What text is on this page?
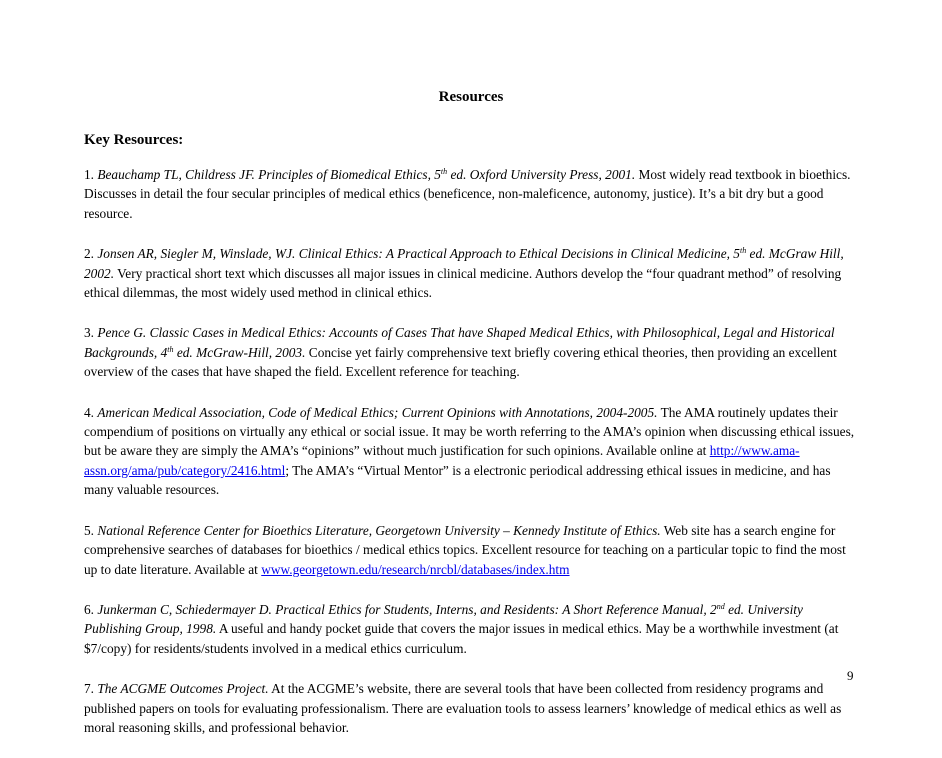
Resources
Key Resources:

1. Beauchamp TL, Childress JF. Principles of Biomedical Ethics, 5th ed. Oxford University Press, 2001. Most widely read textbook in bioethics. Discusses in detail the four secular principles of medical ethics (beneficence, non-maleficence, autonomy, justice). It’s a bit dry but a good resource.

2. Jonsen AR, Siegler M, Winslade, WJ. Clinical Ethics: A Practical Approach to Ethical Decisions in Clinical Medicine, 5th ed. McGraw Hill, 2002. Very practical short text which discusses all major issues in clinical medicine. Authors develop the “four quadrant method” of resolving ethical dilemmas, the most widely used method in clinical ethics.

3. Pence G. Classic Cases in Medical Ethics: Accounts of Cases That have Shaped Medical Ethics, with Philosophical, Legal and Historical Backgrounds, 4th ed. McGraw-Hill, 2003. Concise yet fairly comprehensive text briefly covering ethical theories, then providing an excellent overview of the cases that have shaped the field. Excellent reference for teaching.

4. American Medical Association, Code of Medical Ethics; Current Opinions with Annotations, 2004-2005. The AMA routinely updates their compendium of positions on virtually any ethical or social issue. It may be worth referring to the AMA’s opinion when discussing ethical issues, but be aware they are simply the AMA’s “opinions” without much justification for such opinions. Available online at http://www.ama-assn.org/ama/pub/category/2416.html; The AMA’s “Virtual Mentor” is a electronic periodical addressing ethical issues in medicine, and has many valuable resources.

5. National Reference Center for Bioethics Literature, Georgetown University – Kennedy Institute of Ethics. Web site has a search engine for comprehensive searches of databases for bioethics / medical ethics topics. Excellent resource for teaching on a particular topic to find the most up to date literature. Available at www.georgetown.edu/research/nrcbl/databases/index.htm

6. Junkerman C, Schiedermayer D. Practical Ethics for Students, Interns, and Residents: A Short Reference Manual, 2nd ed. University Publishing Group, 1998. A useful and handy pocket guide that covers the major issues in medical ethics. May be a worthwhile investment (at $7/copy) for residents/students involved in a medical ethics curriculum.

7. The ACGME Outcomes Project. At the ACGME’s website, there are several tools that have been collected from residency programs and published papers on tools for evaluating professionalism. There are evaluation tools to assess learners’ knowledge of medical ethics as well as moral reasoning skills, and professional behavior.

9
